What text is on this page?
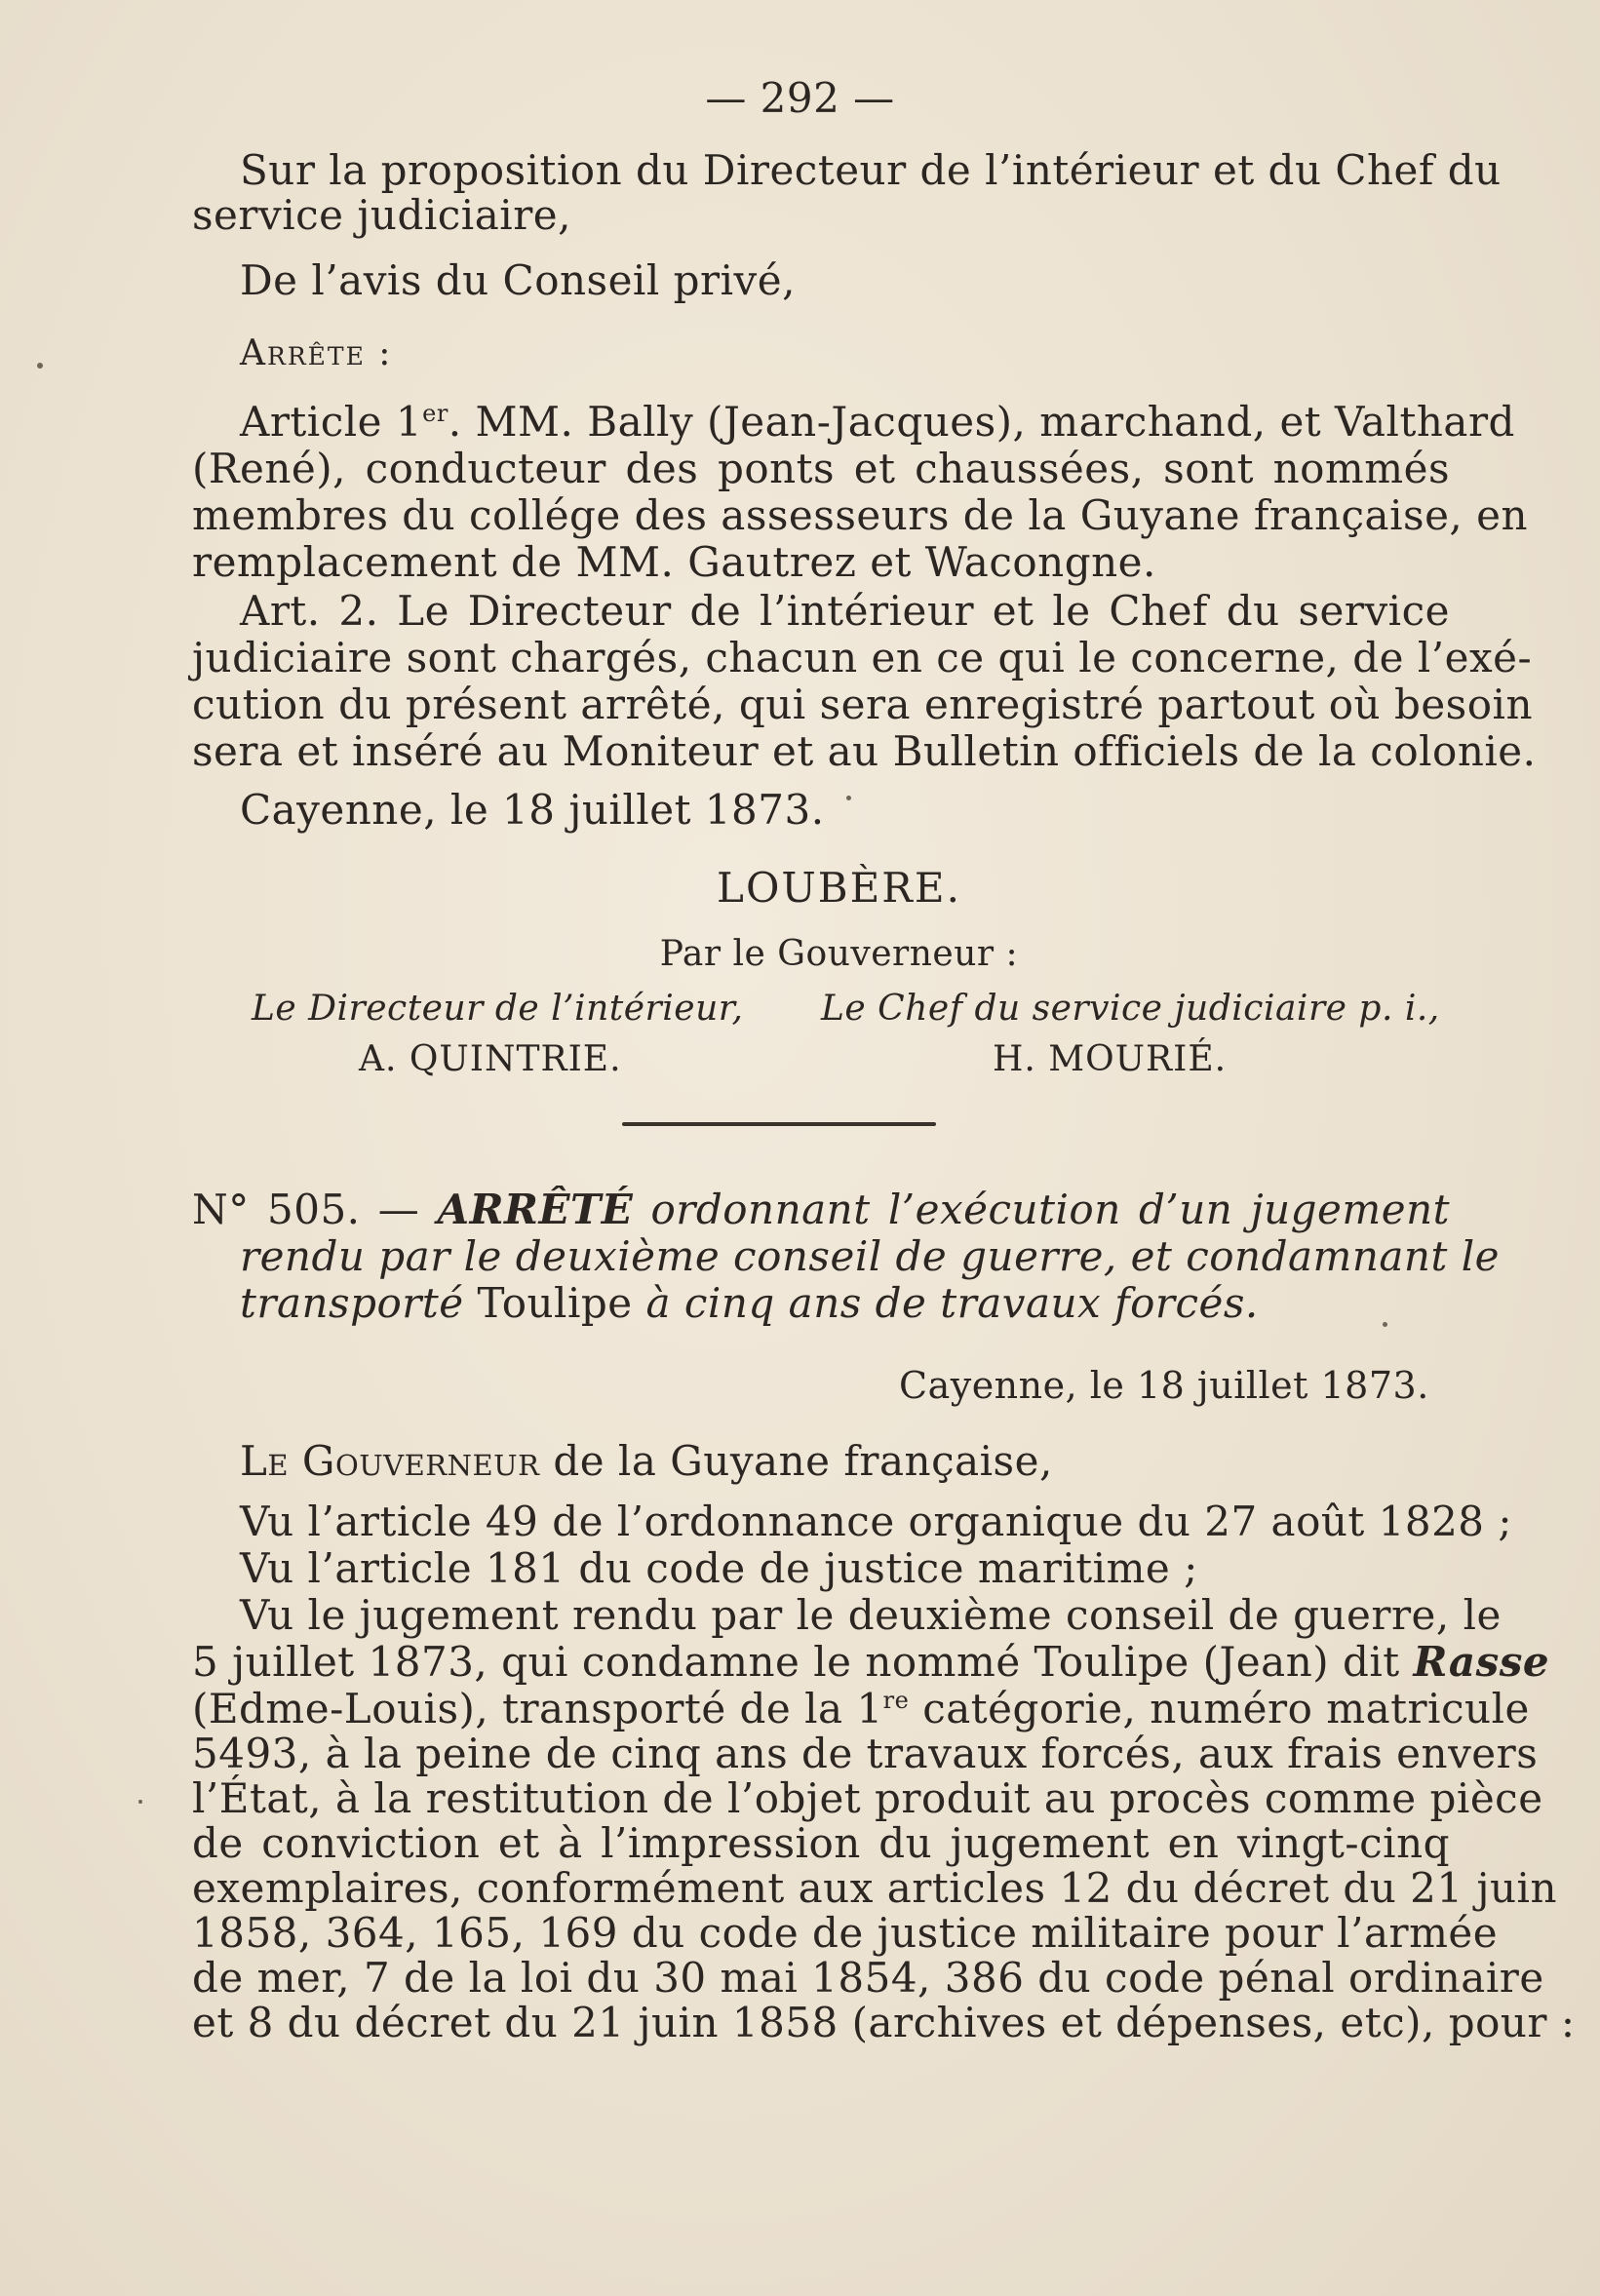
— 292 —
Sur la proposition du Directeur de l’intérieur et du Chef du
service judiciaire,
De l’avis du Conseil privé,
Arrête :
Article 1er. MM. Bally (Jean-Jacques), marchand, et Valthard
(René), conducteur des ponts et chaussées, sont nommés
membres du collége des assesseurs de la Guyane française, en
remplacement de MM. Gautrez et Wacongne.
Art. 2. Le Directeur de l’intérieur et le Chef du service
judiciaire sont chargés, chacun en ce qui le concerne, de l’exé-
cution du présent arrêté, qui sera enregistré partout où besoin
sera et inséré au Moniteur et au Bulletin officiels de la colonie.
Cayenne, le 18 juillet 1873.
LOUBÈRE.
Par le Gouverneur :
Le Directeur de l’intérieur,	Le Chef du service judiciaire p. i.,
A. QUINTRIE.	H. MOURIÉ.
N° 505. — ARRÊTÉ ordonnant l’exécution d’un jugement
rendu par le deuxième conseil de guerre, et condamnant le
transporté Toulipe à cinq ans de travaux forcés.
Cayenne, le 18 juillet 1873.
Le Gouverneur de la Guyane française,
Vu l’article 49 de l’ordonnance organique du 27 août 1828 ;
Vu l’article 181 du code de justice maritime ;
Vu le jugement rendu par le deuxième conseil de guerre, le
5 juillet 1873, qui condamne le nommé Toulipe (Jean) dit Rasse
(Edme-Louis), transporté de la 1re catégorie, numéro matricule
5493, à la peine de cinq ans de travaux forcés, aux frais envers
l’État, à la restitution de l’objet produit au procès comme pièce
de conviction et à l’impression du jugement en vingt-cinq
exemplaires, conformément aux articles 12 du décret du 21 juin
1858, 364, 165, 169 du code de justice militaire pour l’armée
de mer, 7 de la loi du 30 mai 1854, 386 du code pénal ordinaire
et 8 du décret du 21 juin 1858 (archives et dépenses, etc), pour :
